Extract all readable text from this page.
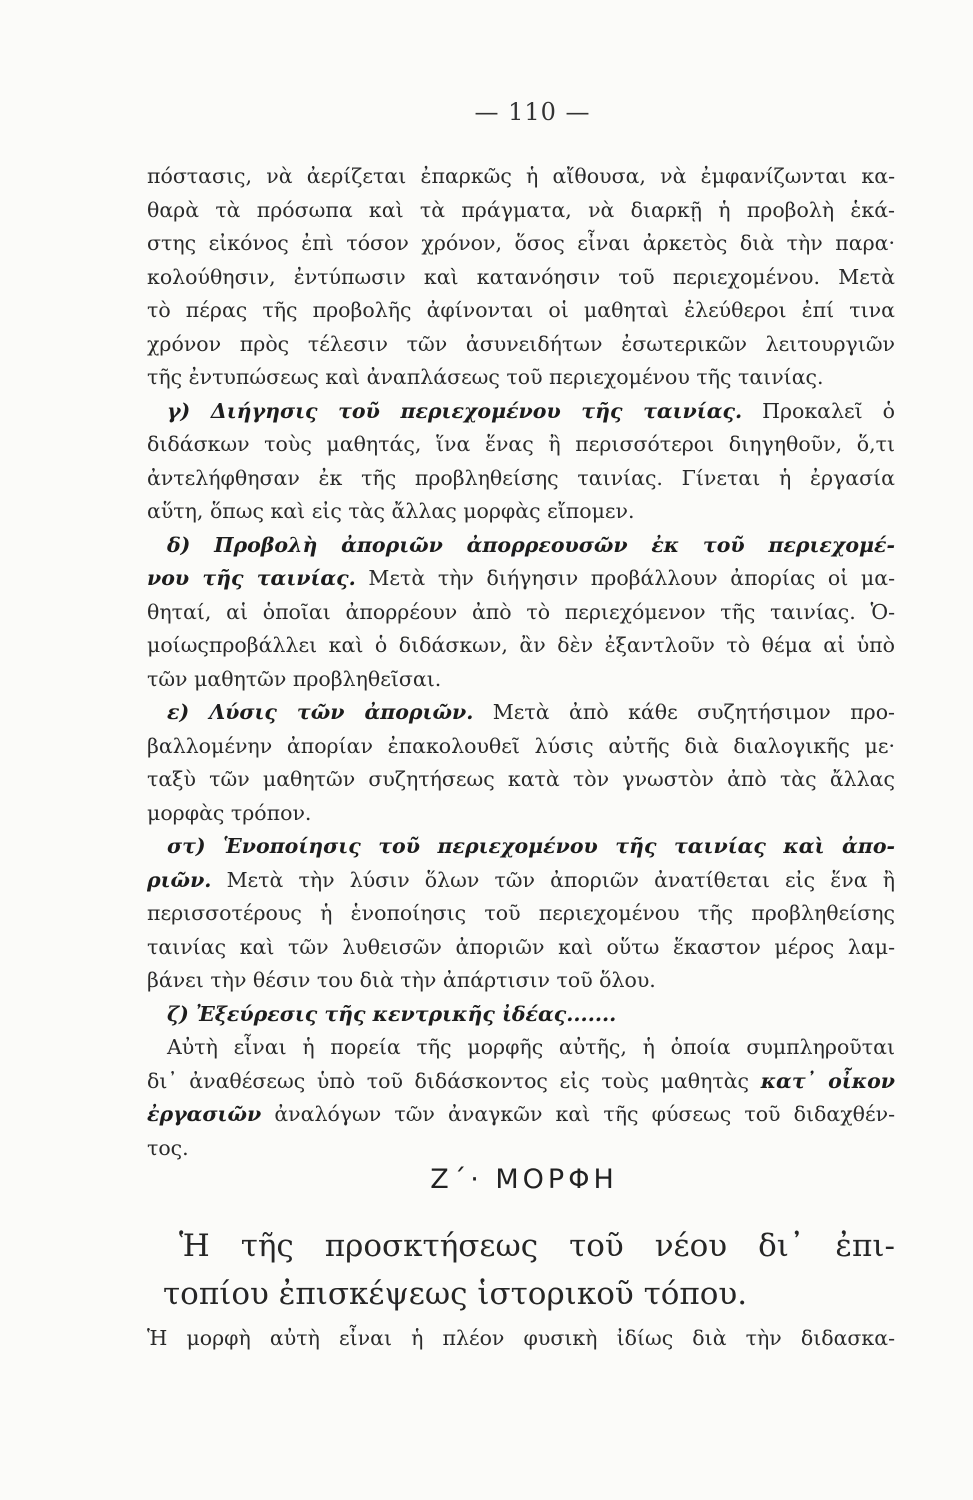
— 110 —
πόστασις, νὰ ἀερίζεται ἐπαρκῶς ἡ αἴθουσα, νὰ ἐμφανίζωνται κα-
θαρὰ τὰ πρόσωπα καὶ τὰ πράγματα, νὰ διαρκῇ ἡ προβολὴ ἑκά-
στης εἰκόνος ἐπὶ τόσον χρόνον, ὅσος εἶναι ἀρκετὸς διὰ τὴν παρα·
κολούθησιν, ἐντύπωσιν καὶ κατανόησιν τοῦ περιεχομένου. Μετὰ
τὸ πέρας τῆς προβολῆς ἀφίνονται οἱ μαθηταὶ ἐλεύθεροι ἐπί τινα
χρόνον πρὸς τέλεσιν τῶν ἀσυνειδήτων ἐσωτερικῶν λειτουργιῶν
τῆς ἐντυπώσεως καὶ ἀναπλάσεως τοῦ περιεχομένου τῆς ταινίας.
γ) Διήγησις τοῦ περιεχομένου τῆς ταινίας. Προκαλεῖ ὁ
διδάσκων τοὺς μαθητάς, ἵνα ἕνας ἢ περισσότεροι διηγηθοῦν, ὅ,τι
ἀντελήφθησαν ἐκ τῆς προβληθείσης ταινίας. Γίνεται ἡ ἐργασία
αὕτη, ὅπως καὶ εἰς τὰς ἄλλας μορφὰς εἴπομεν.
δ) Προβολὴ ἀποριῶν ἀπορρεουσῶν ἐκ τοῦ περιεχομέ-
νου τῆς ταινίας. Μετὰ τὴν διήγησιν προβάλλουν ἀπορίας οἱ μα-
θηταί, αἱ ὁποῖαι ἀπορρέουν ἀπὸ τὸ περιεχόμενον τῆς ταινίας. Ὁ-
μοίωςπροβάλλει καὶ ὁ διδάσκων, ἂν δὲν ἐξαντλοῦν τὸ θέμα αἱ ὑπὸ
τῶν μαθητῶν προβληθεῖσαι.
ε) Λύσις τῶν ἀποριῶν. Μετὰ ἀπὸ κάθε συζητήσιμον προ-
βαλλομένην ἀπορίαν ἐπακολουθεῖ λύσις αὐτῆς διὰ διαλογικῆς με·
ταξὺ τῶν μαθητῶν συζητήσεως κατὰ τὸν γνωστὸν ἀπὸ τὰς ἄλλας
μορφὰς τρόπον.
στ) Ἑνοποίησις τοῦ περιεχομένου τῆς ταινίας καὶ ἀπο-
ριῶν. Μετὰ τὴν λύσιν ὅλων τῶν ἀποριῶν ἀνατίθεται εἰς ἕνα ἢ
περισσοτέρους ἡ ἑνοποίησις τοῦ περιεχομένου τῆς προβληθείσης
ταινίας καὶ τῶν λυθεισῶν ἀποριῶν καὶ οὕτω ἕκαστον μέρος λαμ-
βάνει τὴν θέσιν του διὰ τὴν ἀπάρτισιν τοῦ ὅλου.
ζ) Ἐξεύρεσις τῆς κεντρικῆς ἰδέας.......
Αὐτὴ εἶναι ἡ πορεία τῆς μορφῆς αὐτῆς, ἡ ὁποία συμπληροῦται
δι᾽ ἀναθέσεως ὑπὸ τοῦ διδάσκοντος εἰς τοὺς μαθητὰς κατ᾽ οἶκον
ἐργασιῶν ἀναλόγων τῶν ἀναγκῶν καὶ τῆς φύσεως τοῦ διδαχθέν-
τος.
Ζ΄· ΜΟΡΦΗ
Ἡ τῆς προσκτήσεως τοῦ νέου δι᾽ ἐπι-
τοπίου ἐπισκέψεως ἱστορικοῦ τόπου.
Ἡ μορφὴ αὐτὴ εἶναι ἡ πλέον φυσικὴ ἰδίως διὰ τὴν διδασκα-
